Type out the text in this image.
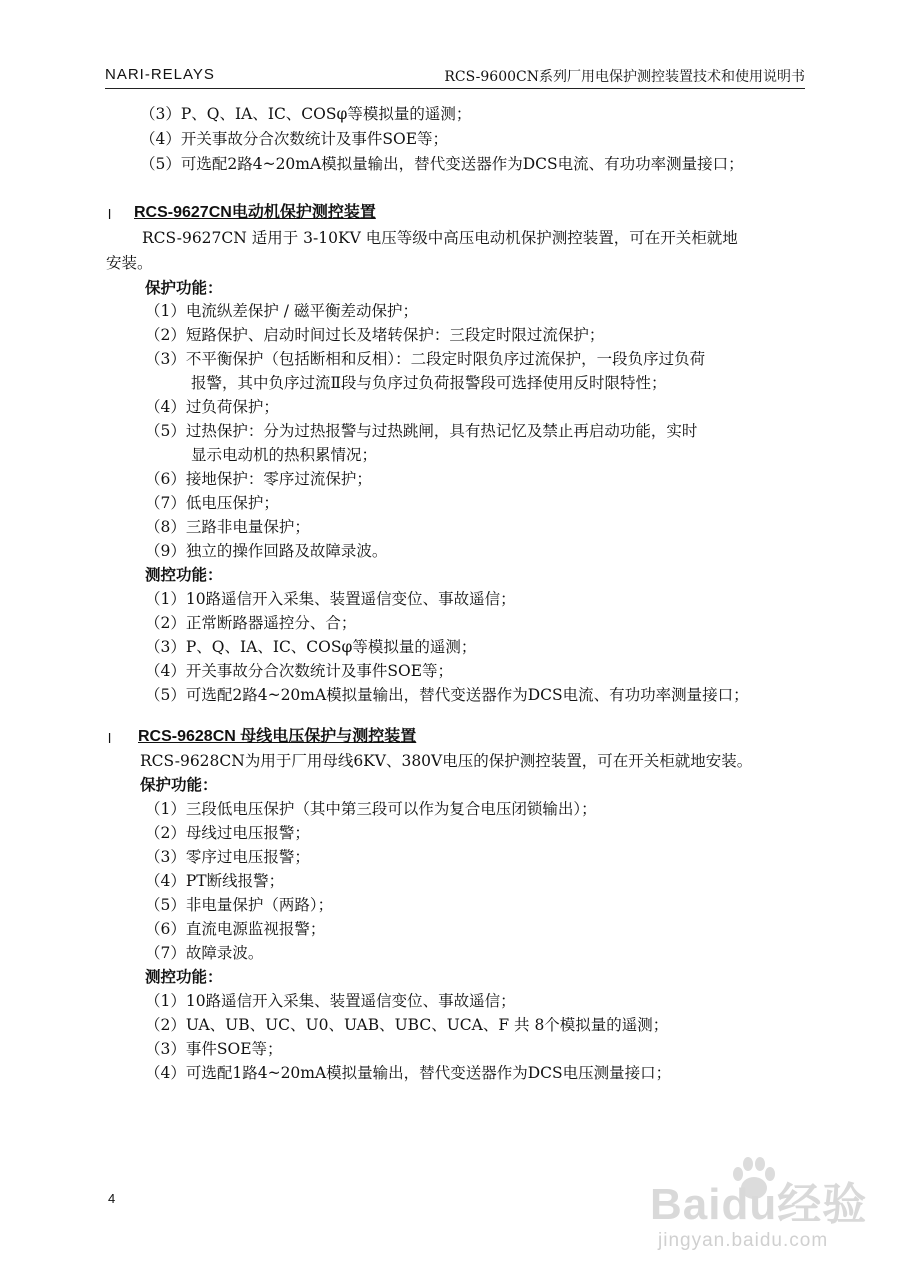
NARI-RELAYS	RCS-9600CN系列厂用电保护测控装置技术和使用说明书
（3）P、Q、IA、IC、COSφ等模拟量的遥测；
（4）开关事故分合次数统计及事件SOE等；
（5）可选配2路4~20mA模拟量输出，替代变送器作为DCS电流、有功功率测量接口；
l RCS-9627CN电动机保护测控装置
RCS-9627CN 适用于 3-10KV 电压等级中高压电动机保护测控装置，可在开关柜就地
安装。
保护功能：
（1）电流纵差保护 / 磁平衡差动保护；
（2）短路保护、启动时间过长及堵转保护：三段定时限过流保护；
（3）不平衡保护（包括断相和反相）：二段定时限负序过流保护，一段负序过负荷
报警，其中负序过流Ⅱ段与负序过负荷报警段可选择使用反时限特性；
（4）过负荷保护；
（5）过热保护：分为过热报警与过热跳闸，具有热记忆及禁止再启动功能，实时
显示电动机的热积累情况；
（6）接地保护：零序过流保护；
（7）低电压保护；
（8）三路非电量保护；
（9）独立的操作回路及故障录波。
测控功能：
（1）10路遥信开入采集、装置遥信变位、事故遥信；
（2）正常断路器遥控分、合；
（3）P、Q、IA、IC、COSφ等模拟量的遥测；
（4）开关事故分合次数统计及事件SOE等；
（5）可选配2路4~20mA模拟量输出，替代变送器作为DCS电流、有功功率测量接口；
l RCS-9628CN 母线电压保护与测控装置
RCS-9628CN为用于厂用母线6KV、380V电压的保护测控装置，可在开关柜就地安装。
保护功能：
（1）三段低电压保护（其中第三段可以作为复合电压闭锁输出）；
（2）母线过电压报警；
（3）零序过电压报警；
（4）PT断线报警；
（5）非电量保护（两路）；
（6）直流电源监视报警；
（7）故障录波。
测控功能：
（1）10路遥信开入采集、装置遥信变位、事故遥信；
（2）UA、UB、UC、U0、UAB、UBC、UCA、F 共 8个模拟量的遥测；
（3）事件SOE等；
（4）可选配1路4~20mA模拟量输出，替代变送器作为DCS电压测量接口；
4	Baidu经验
jingyan.baidu.com
